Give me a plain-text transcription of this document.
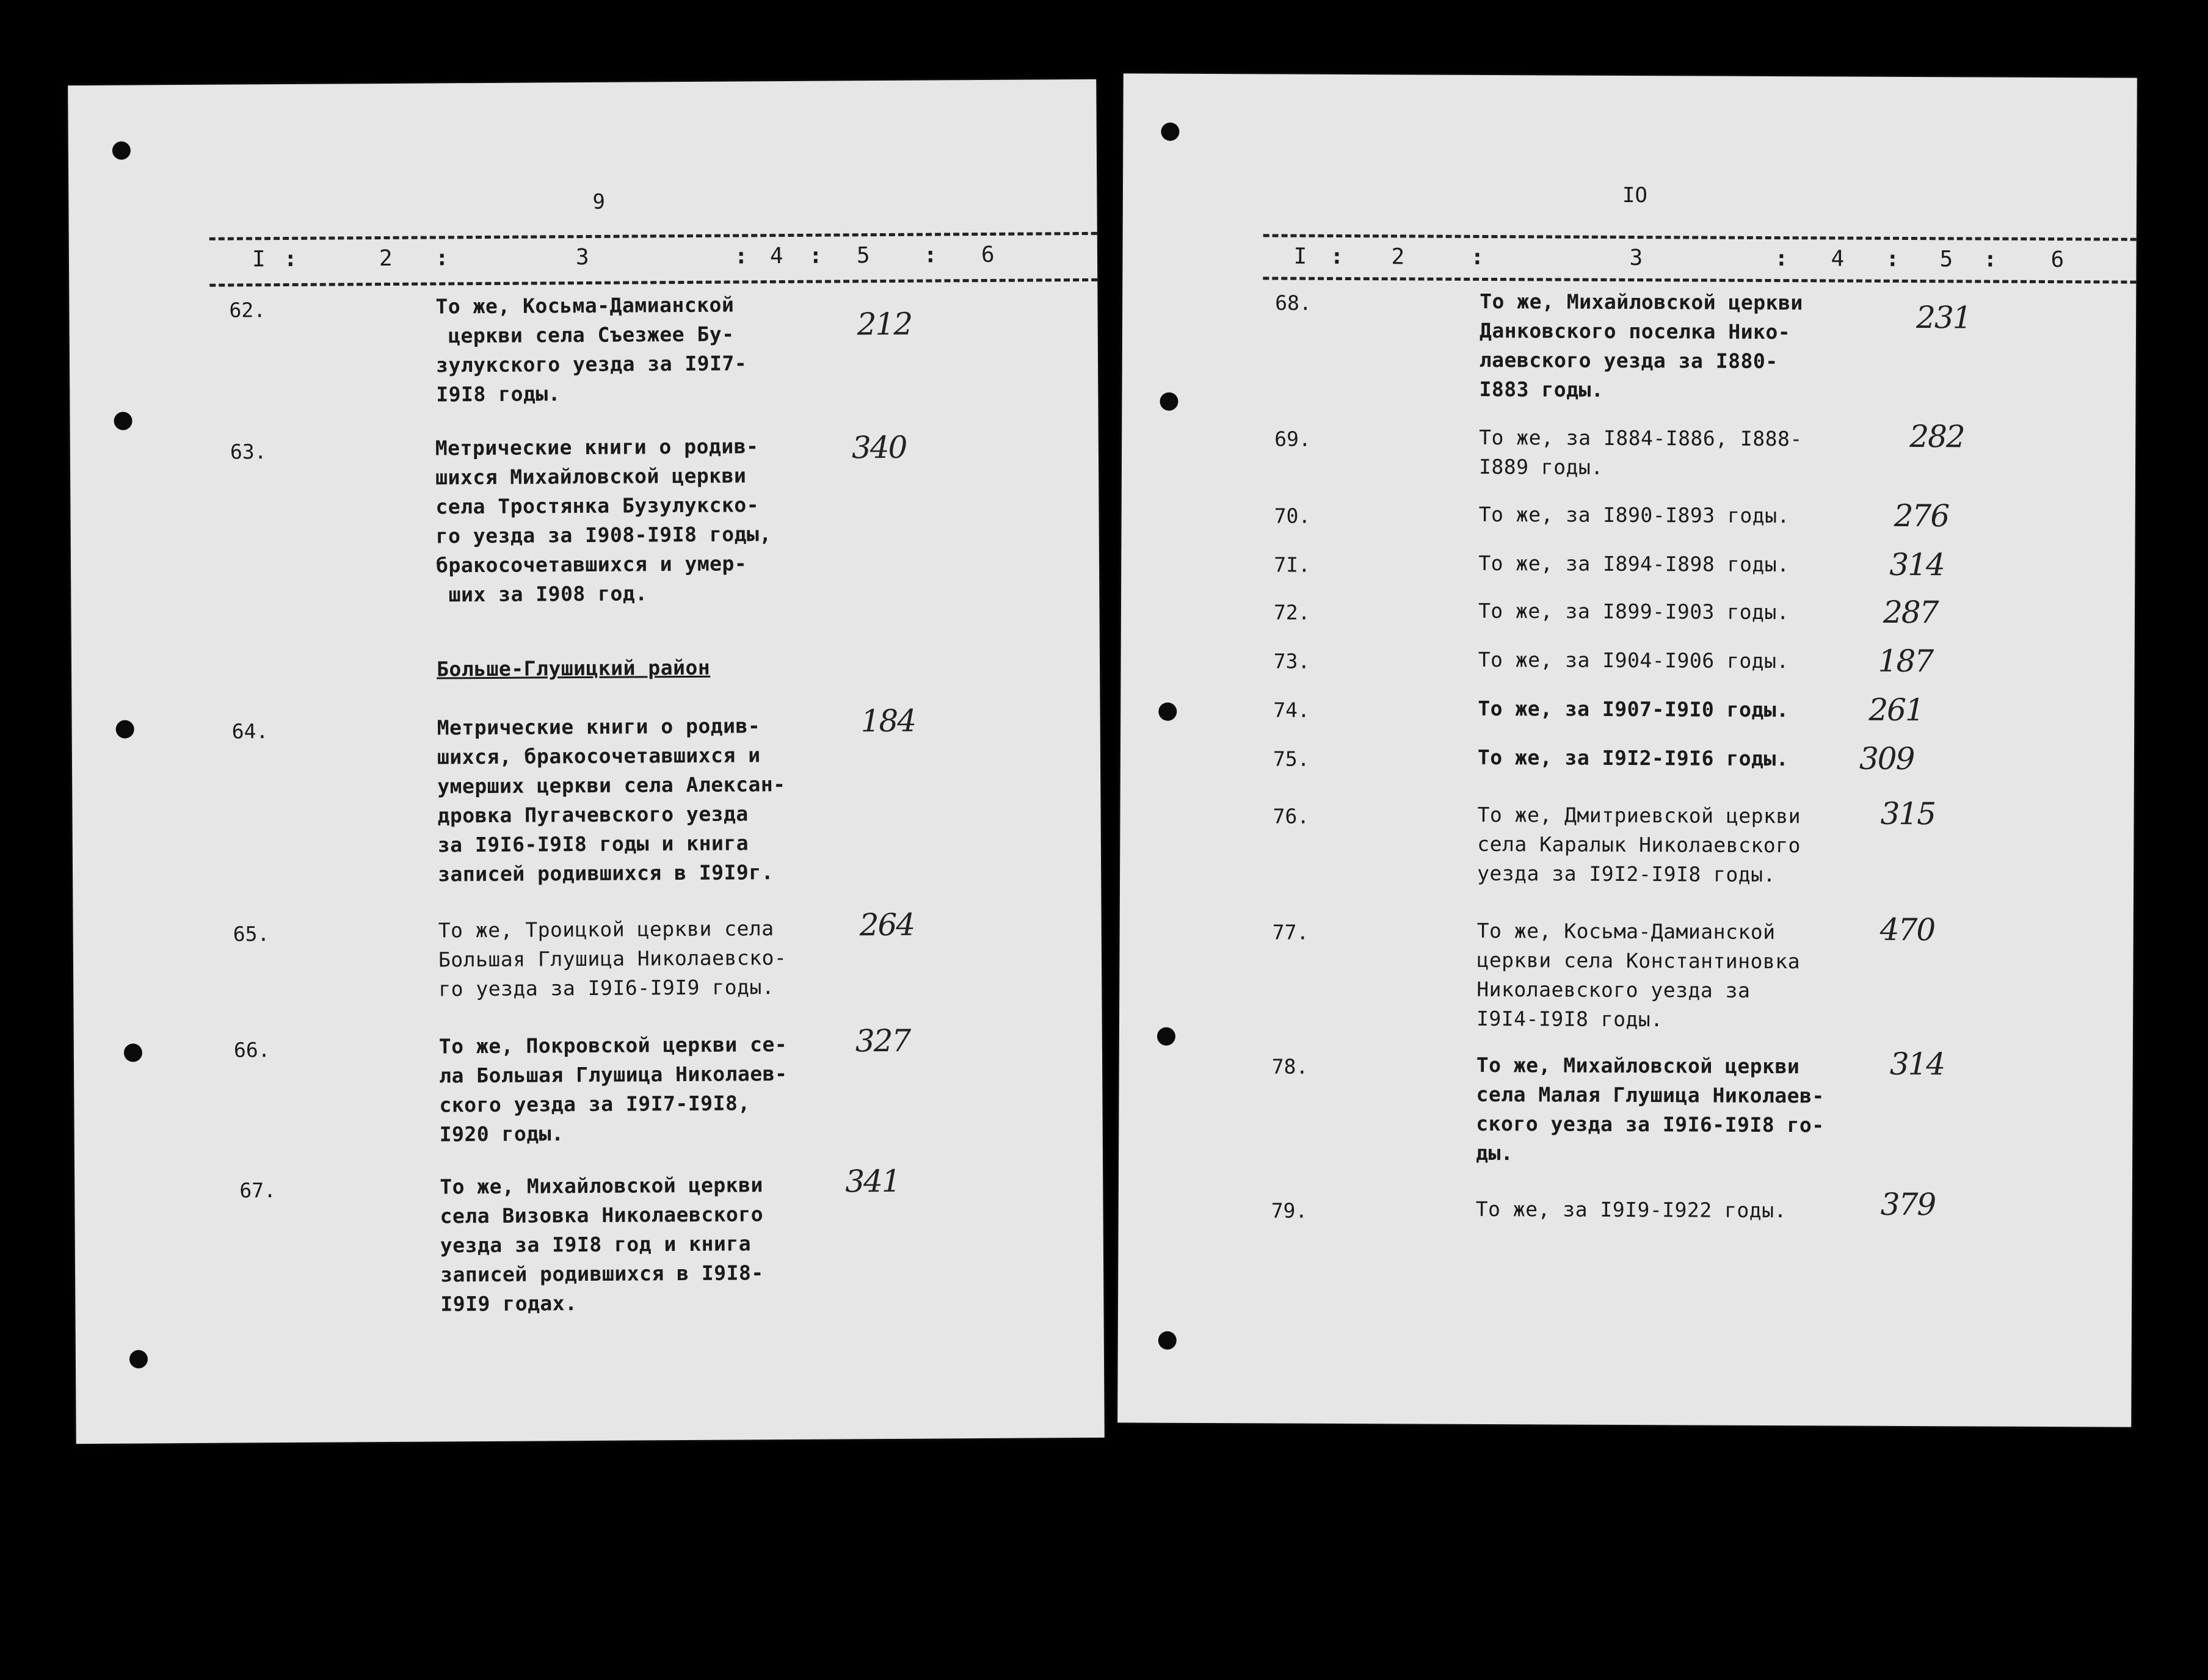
9
I :	2 :	3	: 4 : 5 : 6
62.	То же, Косьма-Дамианской
церкви села Съезжее Бу-
зулукского уезда за I9I7-
I9I8 годы.
212
63.	Метрические книги о родив-
шихся Михайловской церкви
села Тростянка Бузулукско-
го уезда за I908-I9I8 годы,
бракосочетавшихся и умер-
ших за I908 год.
340
Больше-Глушицкий район
64.	Метрические книги о родив-
шихся, бракосочетавшихся и
умерших церкви села Алексан-
дровка Пугачевского уезда
за I9I6-I9I8 годы и книга
записей родившихся в I9I9г.
184
65.	То же, Троицкой церкви села
Большая Глушица Николаевско-
го уезда за I9I6-I9I9 годы.
264
66.	То же, Покровской церкви се-
ла Большая Глушица Николаев-
ского уезда за I9I7-I9I8,
I920 годы.
327
67.	То же, Михайловской церкви
села Визовка Николаевского
уезда за I9I8 год и книга
записей родившихся в I9I8-
I9I9 годах.
341
IO
I : 2	:	3	: 4 : 5 : 6
68.	То же, Михайловской церкви
Данковского поселка Нико-
лаевского уезда за I880-
I883 годы.
231
69.	То же, за I884-I886, I888-
I889 годы.
282
70.	То же, за I890-I893 годы.	276
7I.	То же, за I894-I898 годы.	314
72.	То же, за I899-I903 годы.	287
73.	То же, за I904-I906 годы.	187
74.	То же, за I907-I9I0 годы.	261
75.	То же, за I9I2-I9I6 годы. 309
76.	То же, Дмитриевской церкви
села Каралык Николаевского
уезда за I9I2-I9I8 годы.
315
77.	То же, Косьма-Дамианской
церкви села Константиновка
Николаевского уезда за
I9I4-I9I8 годы.
470
78.	То же, Михайловской церкви
села Малая Глушица Николаев-
ского уезда за I9I6-I9I8 го-
ды.
314
79.	То же, за I9I9-I922 годы.	379
